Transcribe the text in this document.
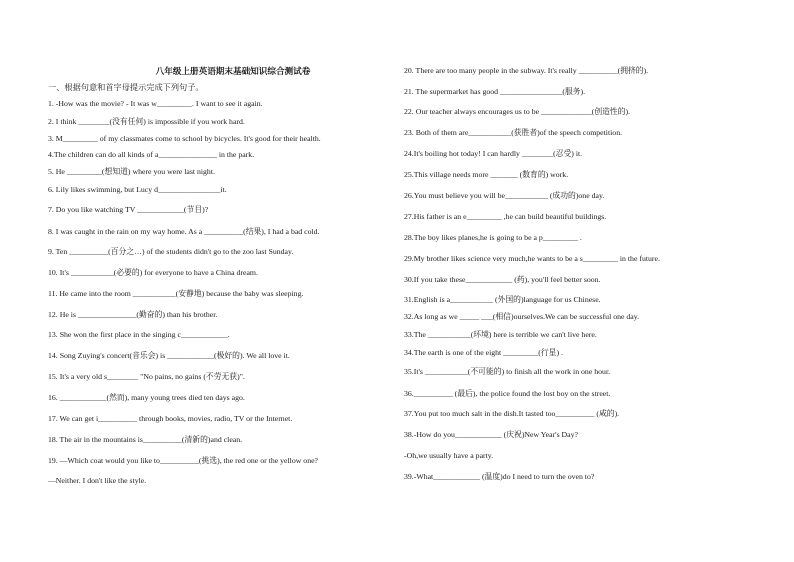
八年级上册英语期末基础知识综合测试卷
一、根据句意和首字母提示完成下列句子。
1. -How was the movie? - It was w_________. I want to see it again.
2. I think ________(没有任何) is impossible if you work hard.
3. M_________ of my classmates come to school by bicycles. It's good for their health.
4.The children can do all kinds of a_______________ in the park.
5. He _________(想知道) where you were last night.
6. Lily likes swimming, but Lucy d________________it.
7. Do you like watching TV ____________(节目)?
8. I was caught in the rain on my way home. As a __________(结果), I had a bad cold.
9. Ten __________(百分之…) of the students didn't go to the zoo last Sunday.
10. It's ___________(必要的) for everyone to have a China dream.
11. He came into the room ___________(安静地) because the baby was sleeping.
12. He is _______________(勤奋的) than his brother.
13. She won the first place in the singing c____________.
14. Song Zuying's concert(音乐会) is ____________(极好的). We all love it.
15. It's a very old s________ "No pains, no gains (不劳无获)".
16. ____________(然而), many young trees died ten days ago.
17. We can get i__________ through books, movies, radio, TV or the Internet.
18. The air in the mountains is__________(清新的)and clean.
19. —Which coat would you like to__________(挑选), the red one or the yellow one?
—Neither. I don't like the style.
20. There are too many people in the subway. It's really __________(拥挤的).
21. The supermarket has good ________________(服务).
22. Our teacher always encourages us to be _____________(创造性的).
23. Both of them are___________(获胜者)of the speech competition.
24.It's boiling hot today! I can hardly ________(忍受) it.
25.This village needs more _______ (数育的) work.
26.You must believe you will be___________ (成功的)one day.
27.His father is an e_________ ,he can build beautiful buildings.
28.The boy likes planes,he is going to be a p_________ .
29.My brother likes science very much,he wants to be a s_________ in the future.
30.If you take these____________ (药), you'll feel better soon.
31.English is a___________ (外国的)language for us Chinese.
32.As long as we _____ ___(相信)ourselves.We can be successful one day.
33.The ___________(环境) here is terrible we can't live here.
34.The earth is one of the eight _________(行星) .
35.It's ___________(不可能的) to finish all the work in one hour.
36.__________ (最后), the police found the lost boy on the street.
37.You put too much salt in the dish.It tasted too__________ (咸的).
38.-How do you____________ (庆祝)New Year's Day?
-Oh,we usually have a party.
39.-What____________ (温度)do I need to turn the oven to?
